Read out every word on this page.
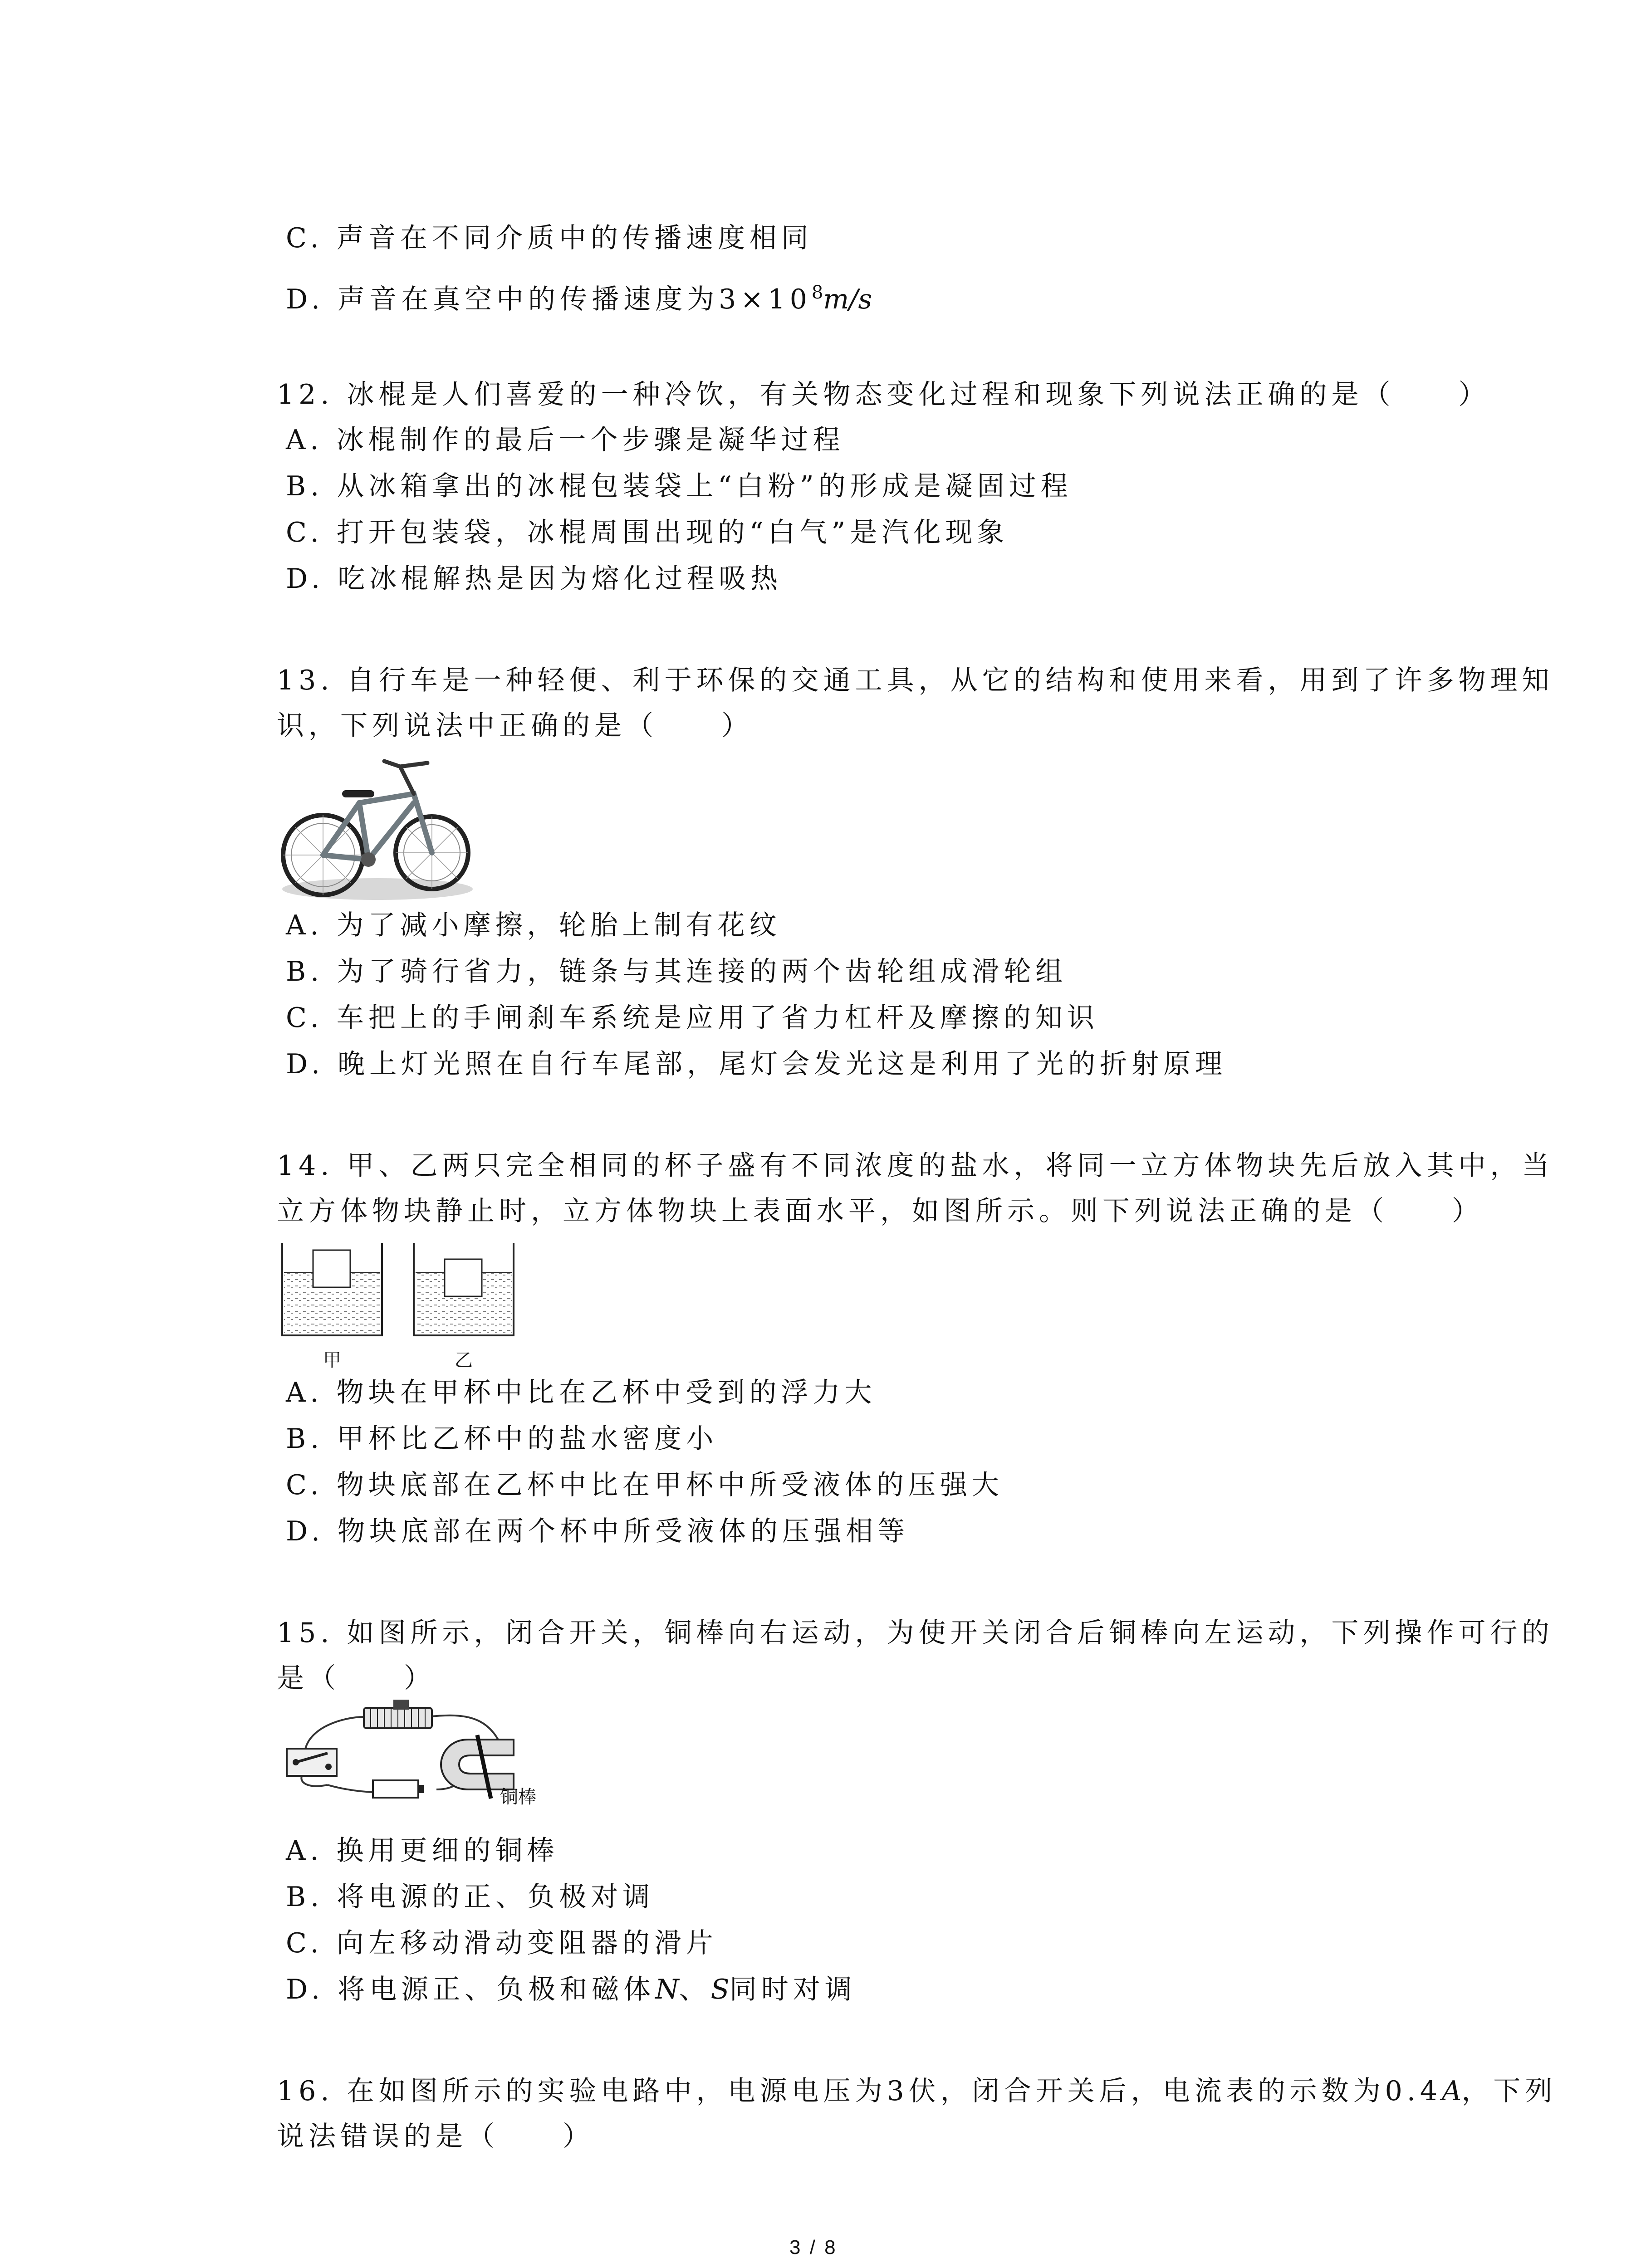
C. 声音在不同介质中的传播速度相同
D. 声音在真空中的传播速度为$3\times 10^8m/s$
12. 冰棍是人们喜爱的一种冷饮，有关物态变化过程和现象下列说法正确的是（　　）
A. 冰棍制作的最后一个步骤是凝华过程
B. 从冰箱拿出的冰棍包装袋上“白粉”的形成是凝固过程
C. 打开包装袋，冰棍周围出现的“白气”是汽化现象
D. 吃冰棍解热是因为熔化过程吸热
13. 自行车是一种轻便、利于环保的交通工具，从它的结构和使用来看，用到了许多物理知
识，下列说法中正确的是（　　）
A. 为了减小摩擦，轮胎上制有花纹
B. 为了骑行省力，链条与其连接的两个齿轮组成滑轮组
C. 车把上的手闸刹车系统是应用了省力杠杆及摩擦的知识
D. 晚上灯光照在自行车尾部，尾灯会发光这是利用了光的折射原理
14. 甲、乙两只完全相同的杯子盛有不同浓度的盐水，将同一立方体物块先后放入其中，当
立方体物块静止时，立方体物块上表面水平，如图所示。则下列说法正确的是（　　）
甲	乙
A. 物块在甲杯中比在乙杯中受到的浮力大
B. 甲杯比乙杯中的盐水密度小
C. 物块底部在乙杯中比在甲杯中所受液体的压强大
D. 物块底部在两个杯中所受液体的压强相等
15. 如图所示，闭合开关，铜棒向右运动，为使开关闭合后铜棒向左运动，下列操作可行的
是（　　）
铜棒
A. 换用更细的铜棒
B. 将电源的正、负极对调
C. 向左移动滑动变阻器的滑片
D. 将电源正、负极和磁体N、S同时对调
16. 在如图所示的实验电路中，电源电压为3伏，闭合开关后，电流表的示数为0.4A，下列
说法错误的是（　　）
3 / 8
